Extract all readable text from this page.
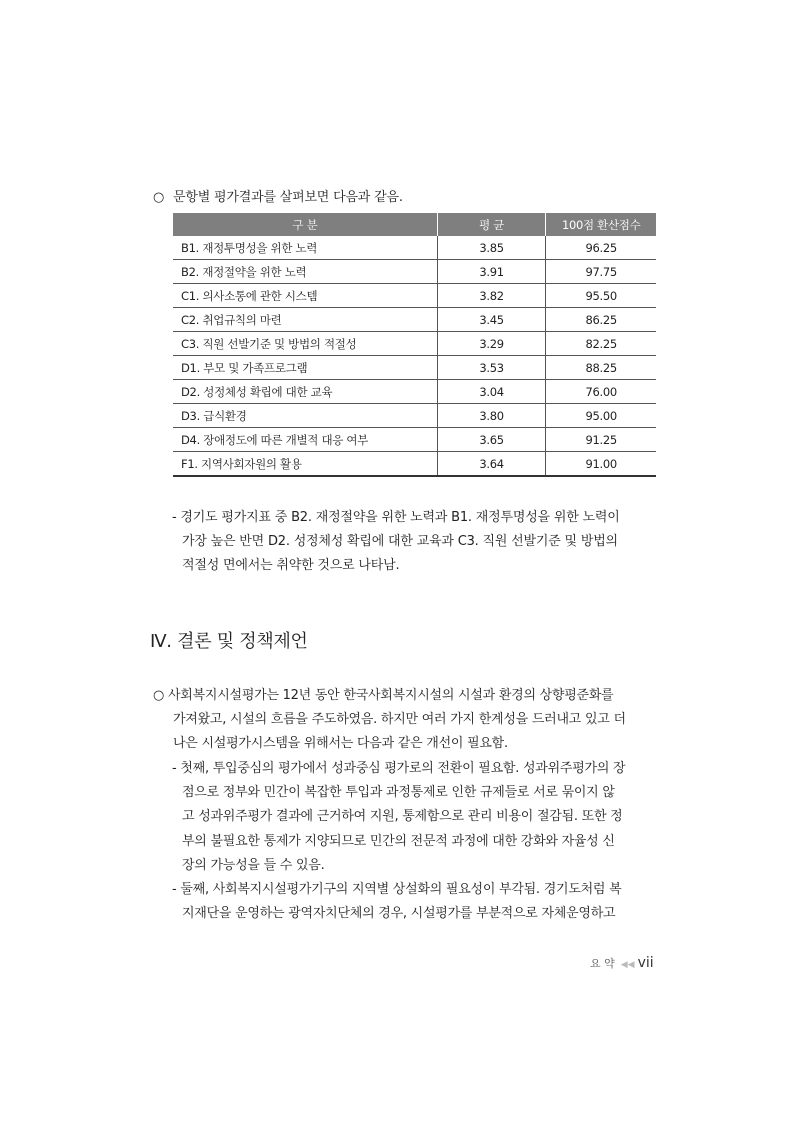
○ 문항별 평가결과를 살펴보면 다음과 같음.
구 분	평 균	100점 환산점수
B1. 재정투명성을 위한 노력	3.85	96.25
B2. 재정절약을 위한 노력	3.91	97.75
C1. 의사소통에 관한 시스템	3.82	95.50
C2. 취업규칙의 마련	3.45	86.25
C3. 직원 선발기준 및 방법의 적절성	3.29	82.25
D1. 부모 및 가족프로그램	3.53	88.25
D2. 성정체성 확립에 대한 교육	3.04	76.00
D3. 급식환경	3.80	95.00
D4. 장애정도에 따른 개별적 대응 여부	3.65	91.25
F1. 지역사회자원의 활용	3.64	91.00
- 경기도 평가지표 중 B2. 재정절약을 위한 노력과 B1. 재정투명성을 위한 노력이
가장 높은 반면 D2. 성정체성 확립에 대한 교육과 C3. 직원 선발기준 및 방법의
적절성 면에서는 취약한 것으로 나타남.
Ⅳ. 결론 및 정책제언
○ 사회복지시설평가는 12년 동안 한국사회복지시설의 시설과 환경의 상향평준화를
가져왔고, 시설의 흐름을 주도하였음. 하지만 여러 가지 한계성을 드러내고 있고 더
나은 시설평가시스템을 위해서는 다음과 같은 개선이 필요함.
- 첫째, 투입중심의 평가에서 성과중심 평가로의 전환이 필요함. 성과위주평가의 장
점으로 정부와 민간이 복잡한 투입과 과정통제로 인한 규제들로 서로 묶이지 않
고 성과위주평가 결과에 근거하여 지원, 통제함으로 관리 비용이 절감됨. 또한 정
부의 불필요한 통제가 지양되므로 민간의 전문적 과정에 대한 강화와 자율성 신
장의 가능성을 들 수 있음.
- 둘째, 사회복지시설평가기구의 지역별 상설화의 필요성이 부각됨. 경기도처럼 복
지재단을 운영하는 광역자치단체의 경우, 시설평가를 부분적으로 자체운영하고
요 약 ◀◀ vii
